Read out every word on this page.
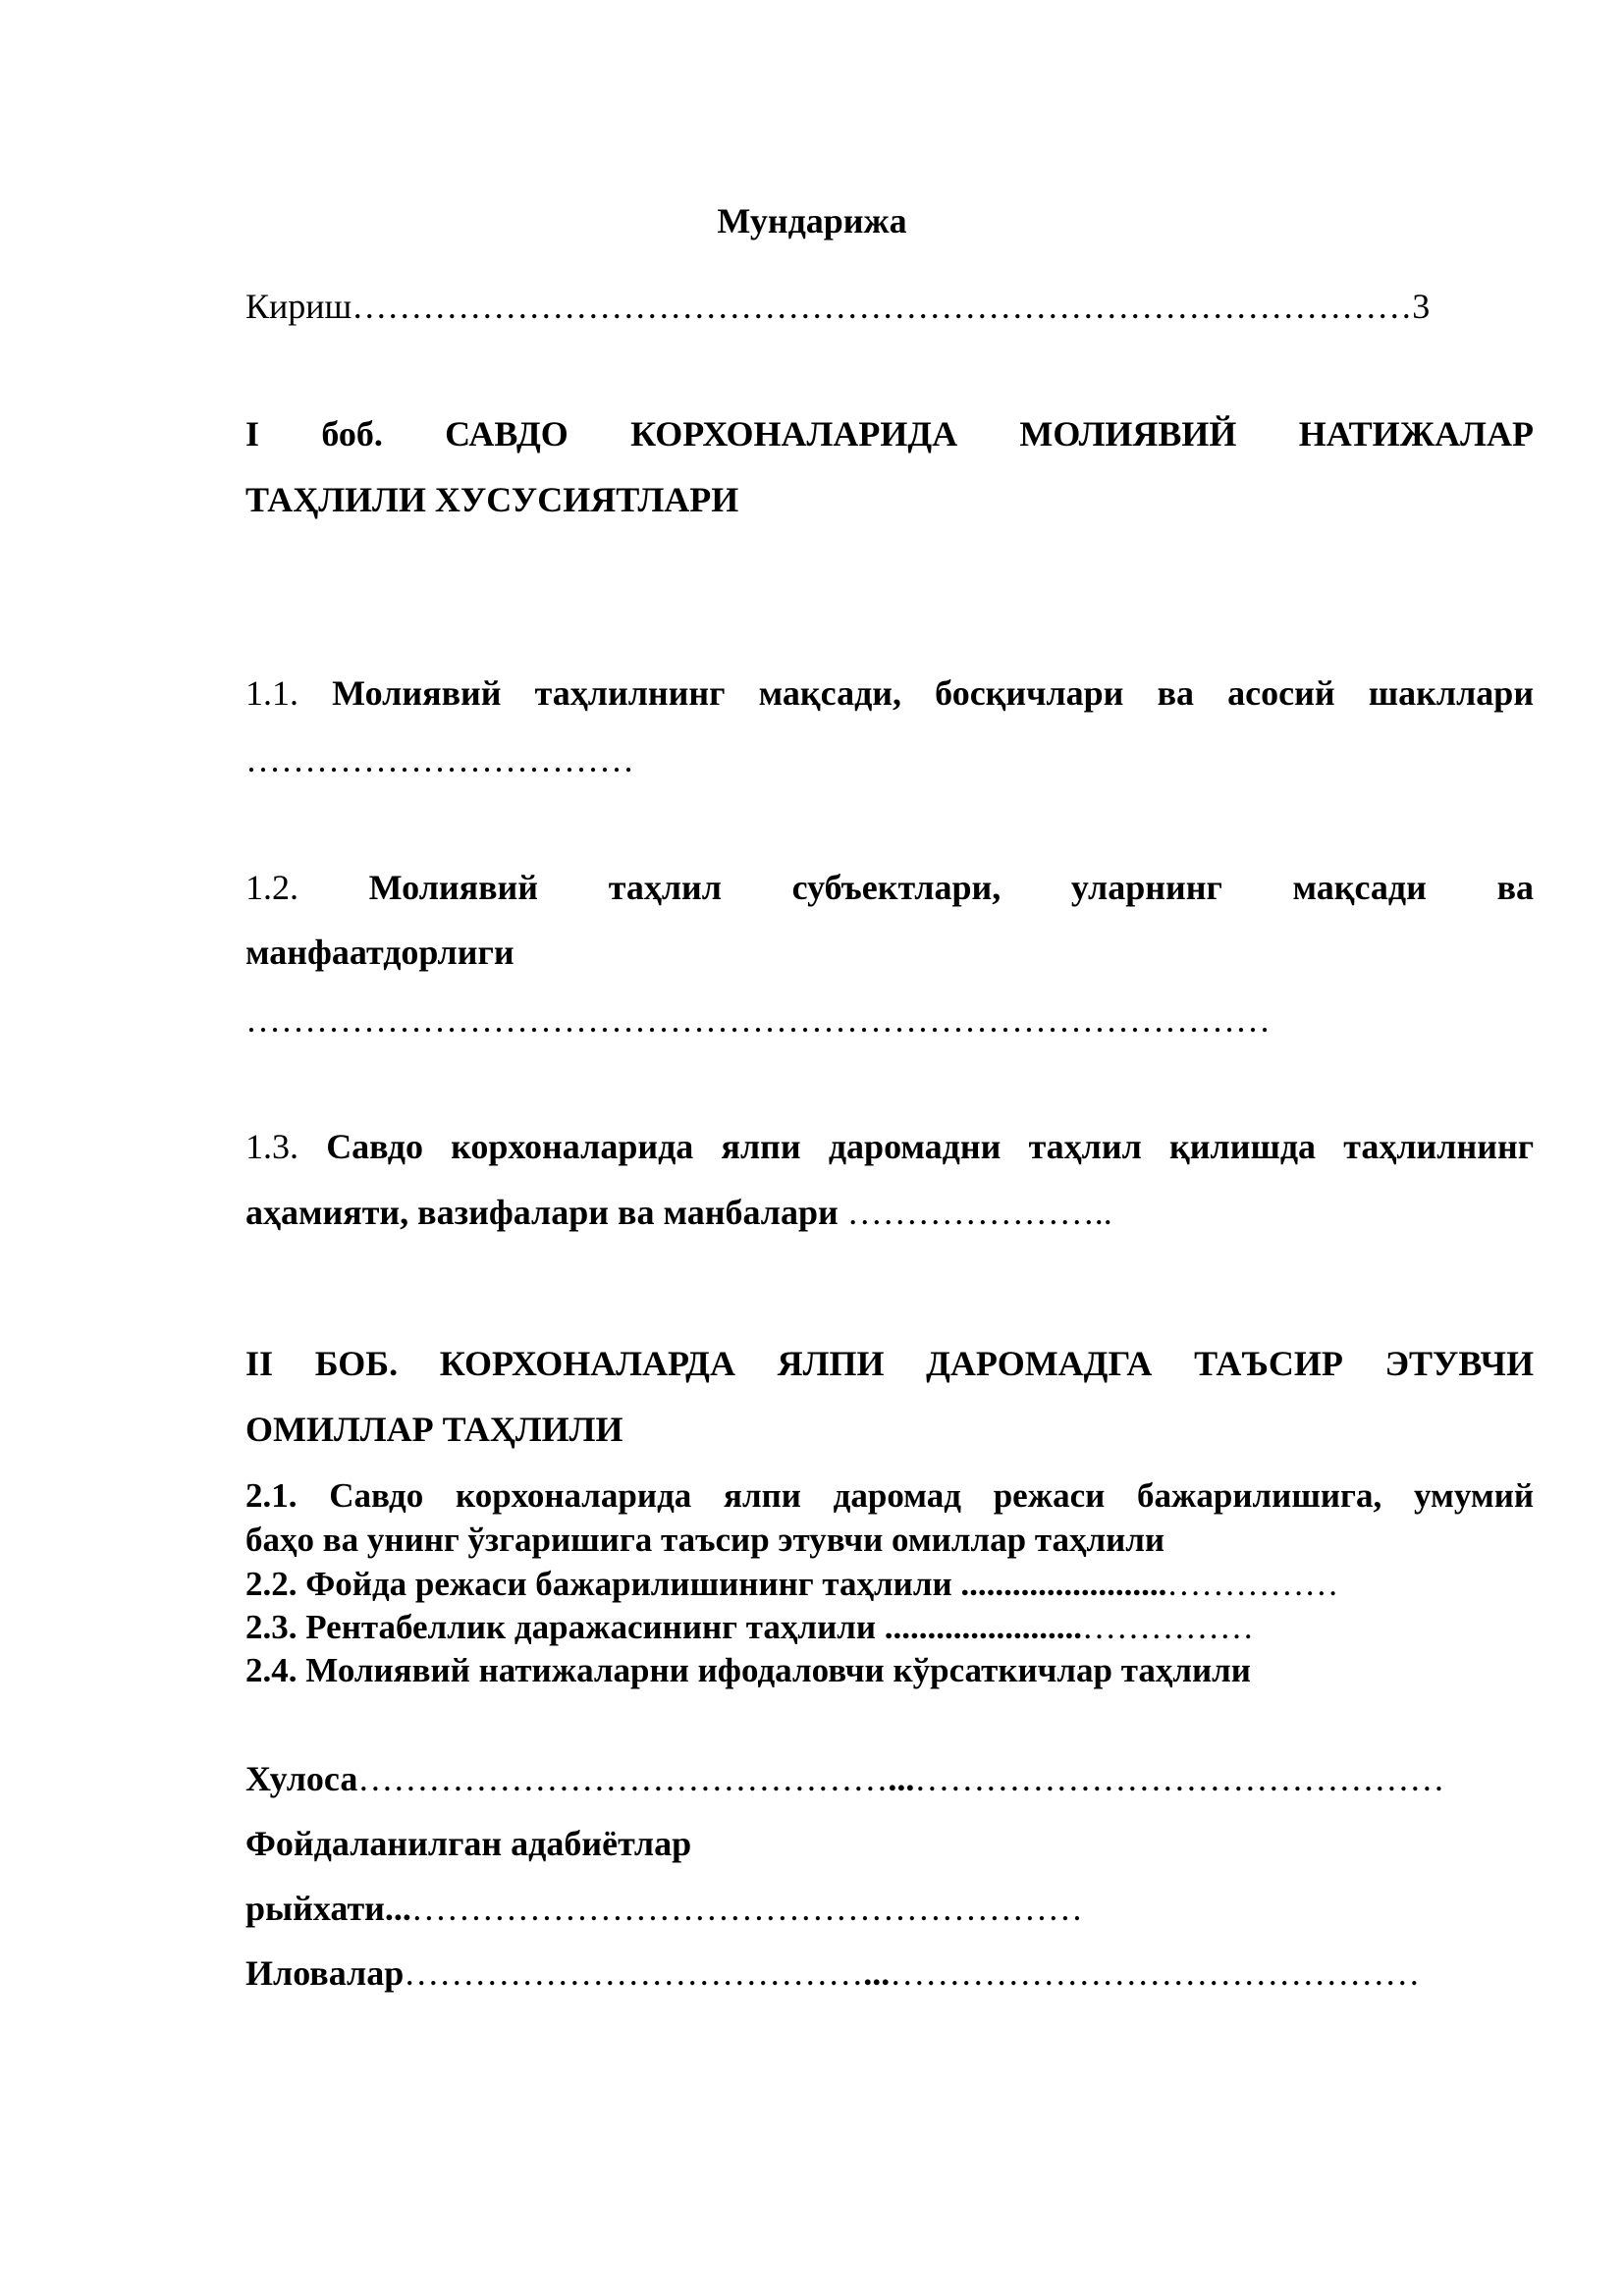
Мундарижа
Кириш………………………………………………………………………………3
I боб. САВДО КОРХОНАЛАРИДА МОЛИЯВИЙ НАТИЖАЛАР
ТАҲЛИЛИ ХУСУСИЯТЛАРИ
1.1. Молиявий таҳлилнинг мақсади, босқичлари ва асосий шакллари
……………………………
1.2. Молиявий таҳлил субъектлари, уларнинг мақсади ва
манфаатдорлиги
……………………………………………………………………………
1.3. Савдо корхоналарида ялпи даромадни таҳлил қилишда таҳлилнинг
аҳамияти, вазифалари ва манбалари …………………..
II БОБ. КОРХОНАЛАРДА ЯЛПИ ДАРОМАДГА ТАЪСИР ЭТУВЧИ
ОМИЛЛАР ТАҲЛИЛИ
2.1. Савдо корхоналарида ялпи даромад режаси бажарилишига, умумий
баҳо ва унинг ўзгаришига таъсир этувчи омиллар таҳлили
2.2. Фойда режаси бажарилишининг таҳлили ........................……………
2.3. Рентабеллик даражасининг таҳлили .......................……………
2.4. Молиявий натижаларни ифодаловчи кўрсаткичлар таҳлили
Хулоса………………………………………...………………………………………
Фойдаланилган адабиётлар
рыйхати...…………………………………………………
Иловалар…………………………………...………………………………………
